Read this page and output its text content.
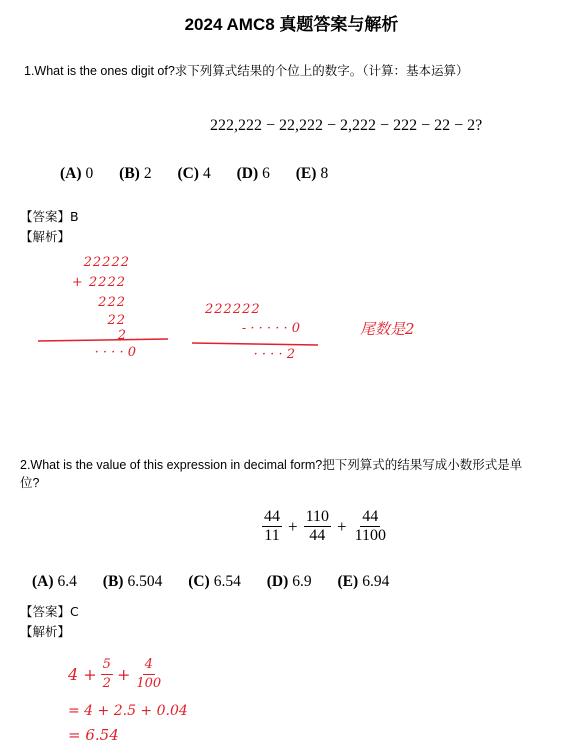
2024 AMC8 真题答案与解析
1.What is the ones digit of?求下列算式结果的个位上的数字。（计算：基本运算）
222,222 − 22,222 − 2,222 − 222 − 22 − 2?
(A) 0 (B) 2 (C) 4 (D) 6 (E) 8
【答案】B
【解析】
22222
+ 2222
222
22
2
· · · · 0
222222
- · · · · · 0
· · · · 2
尾数是2
2.What is the value of this expression in decimal form?把下列算式的结果写成小数形式是单
位?
$\frac{44}{11} + \frac{110}{44} + \frac{44}{1100}$
(A) 6.4 (B) 6.504 (C) 6.54 (D) 6.9 (E) 6.94
【答案】C
【解析】
$4 + \frac{5}{2} + \frac{4}{100}$
= 4 + 2.5 + 0.04
= 6.54
